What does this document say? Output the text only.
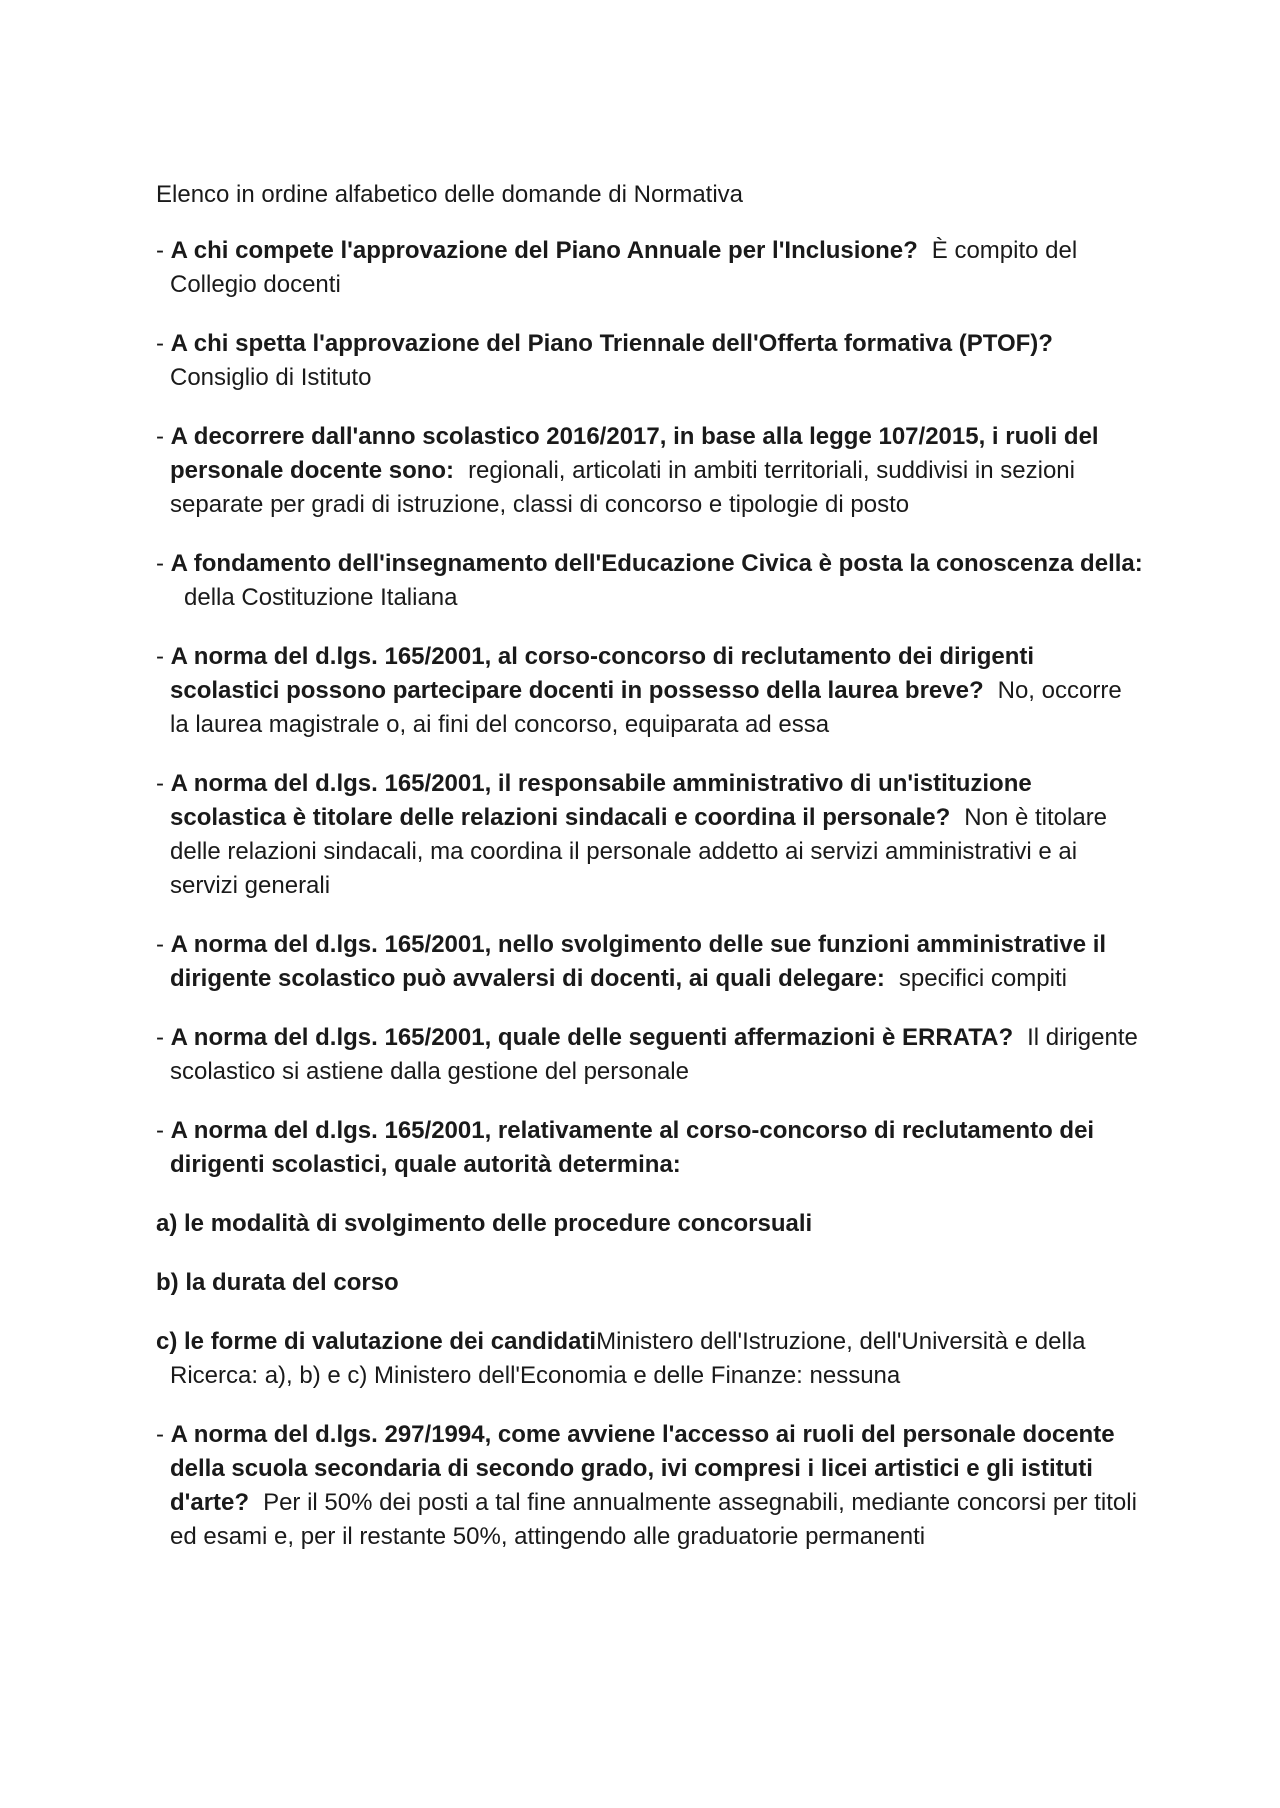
Elenco in ordine alfabetico delle domande di Normativa

- A chi compete l'approvazione del Piano Annuale per l'Inclusione? È compito del Collegio docenti

- A chi spetta l'approvazione del Piano Triennale dell'Offerta formativa (PTOF)?Consiglio di Istituto

- A decorrere dall'anno scolastico 2016/2017, in base alla legge 107/2015, i ruoli del personale docente sono: regionali, articolati in ambiti territoriali, suddivisi in sezioni separate per gradi di istruzione, classi di concorso e tipologie di posto

- A fondamento dell'insegnamento dell'Educazione Civica è posta la conoscenza della:della Costituzione Italiana

- A norma del d.lgs. 165/2001, al corso-concorso di reclutamento dei dirigenti scolastici possono partecipare docenti in possesso della laurea breve? No, occorre la laurea magistrale o, ai fini del concorso, equiparata ad essa

- A norma del d.lgs. 165/2001, il responsabile amministrativo di un'istituzione scolastica è titolare delle relazioni sindacali e coordina il personale? Non è titolare delle relazioni sindacali, ma coordina il personale addetto ai servizi amministrativi e ai servizi generali

- A norma del d.lgs. 165/2001, nello svolgimento delle sue funzioni amministrative il dirigente scolastico può avvalersi di docenti, ai quali delegare: specifici compiti

- A norma del d.lgs. 165/2001, quale delle seguenti affermazioni è ERRATA? Il dirigente scolastico si astiene dalla gestione del personale

- A norma del d.lgs. 165/2001, relativamente al corso-concorso di reclutamento dei dirigenti scolastici, quale autorità determina:

a) le modalità di svolgimento delle procedure concorsuali

b) la durata del corso

c) le forme di valutazione dei candidatiMinistero dell'Istruzione, dell'Università e della Ricerca: a), b) e c) Ministero dell'Economia e delle Finanze: nessuna

- A norma del d.lgs. 297/1994, come avviene l'accesso ai ruoli del personale docente della scuola secondaria di secondo grado, ivi compresi i licei artistici e gli istituti d'arte? Per il 50% dei posti a tal fine annualmente assegnabili, mediante concorsi per titoli ed esami e, per il restante 50%, attingendo alle graduatorie permanenti
